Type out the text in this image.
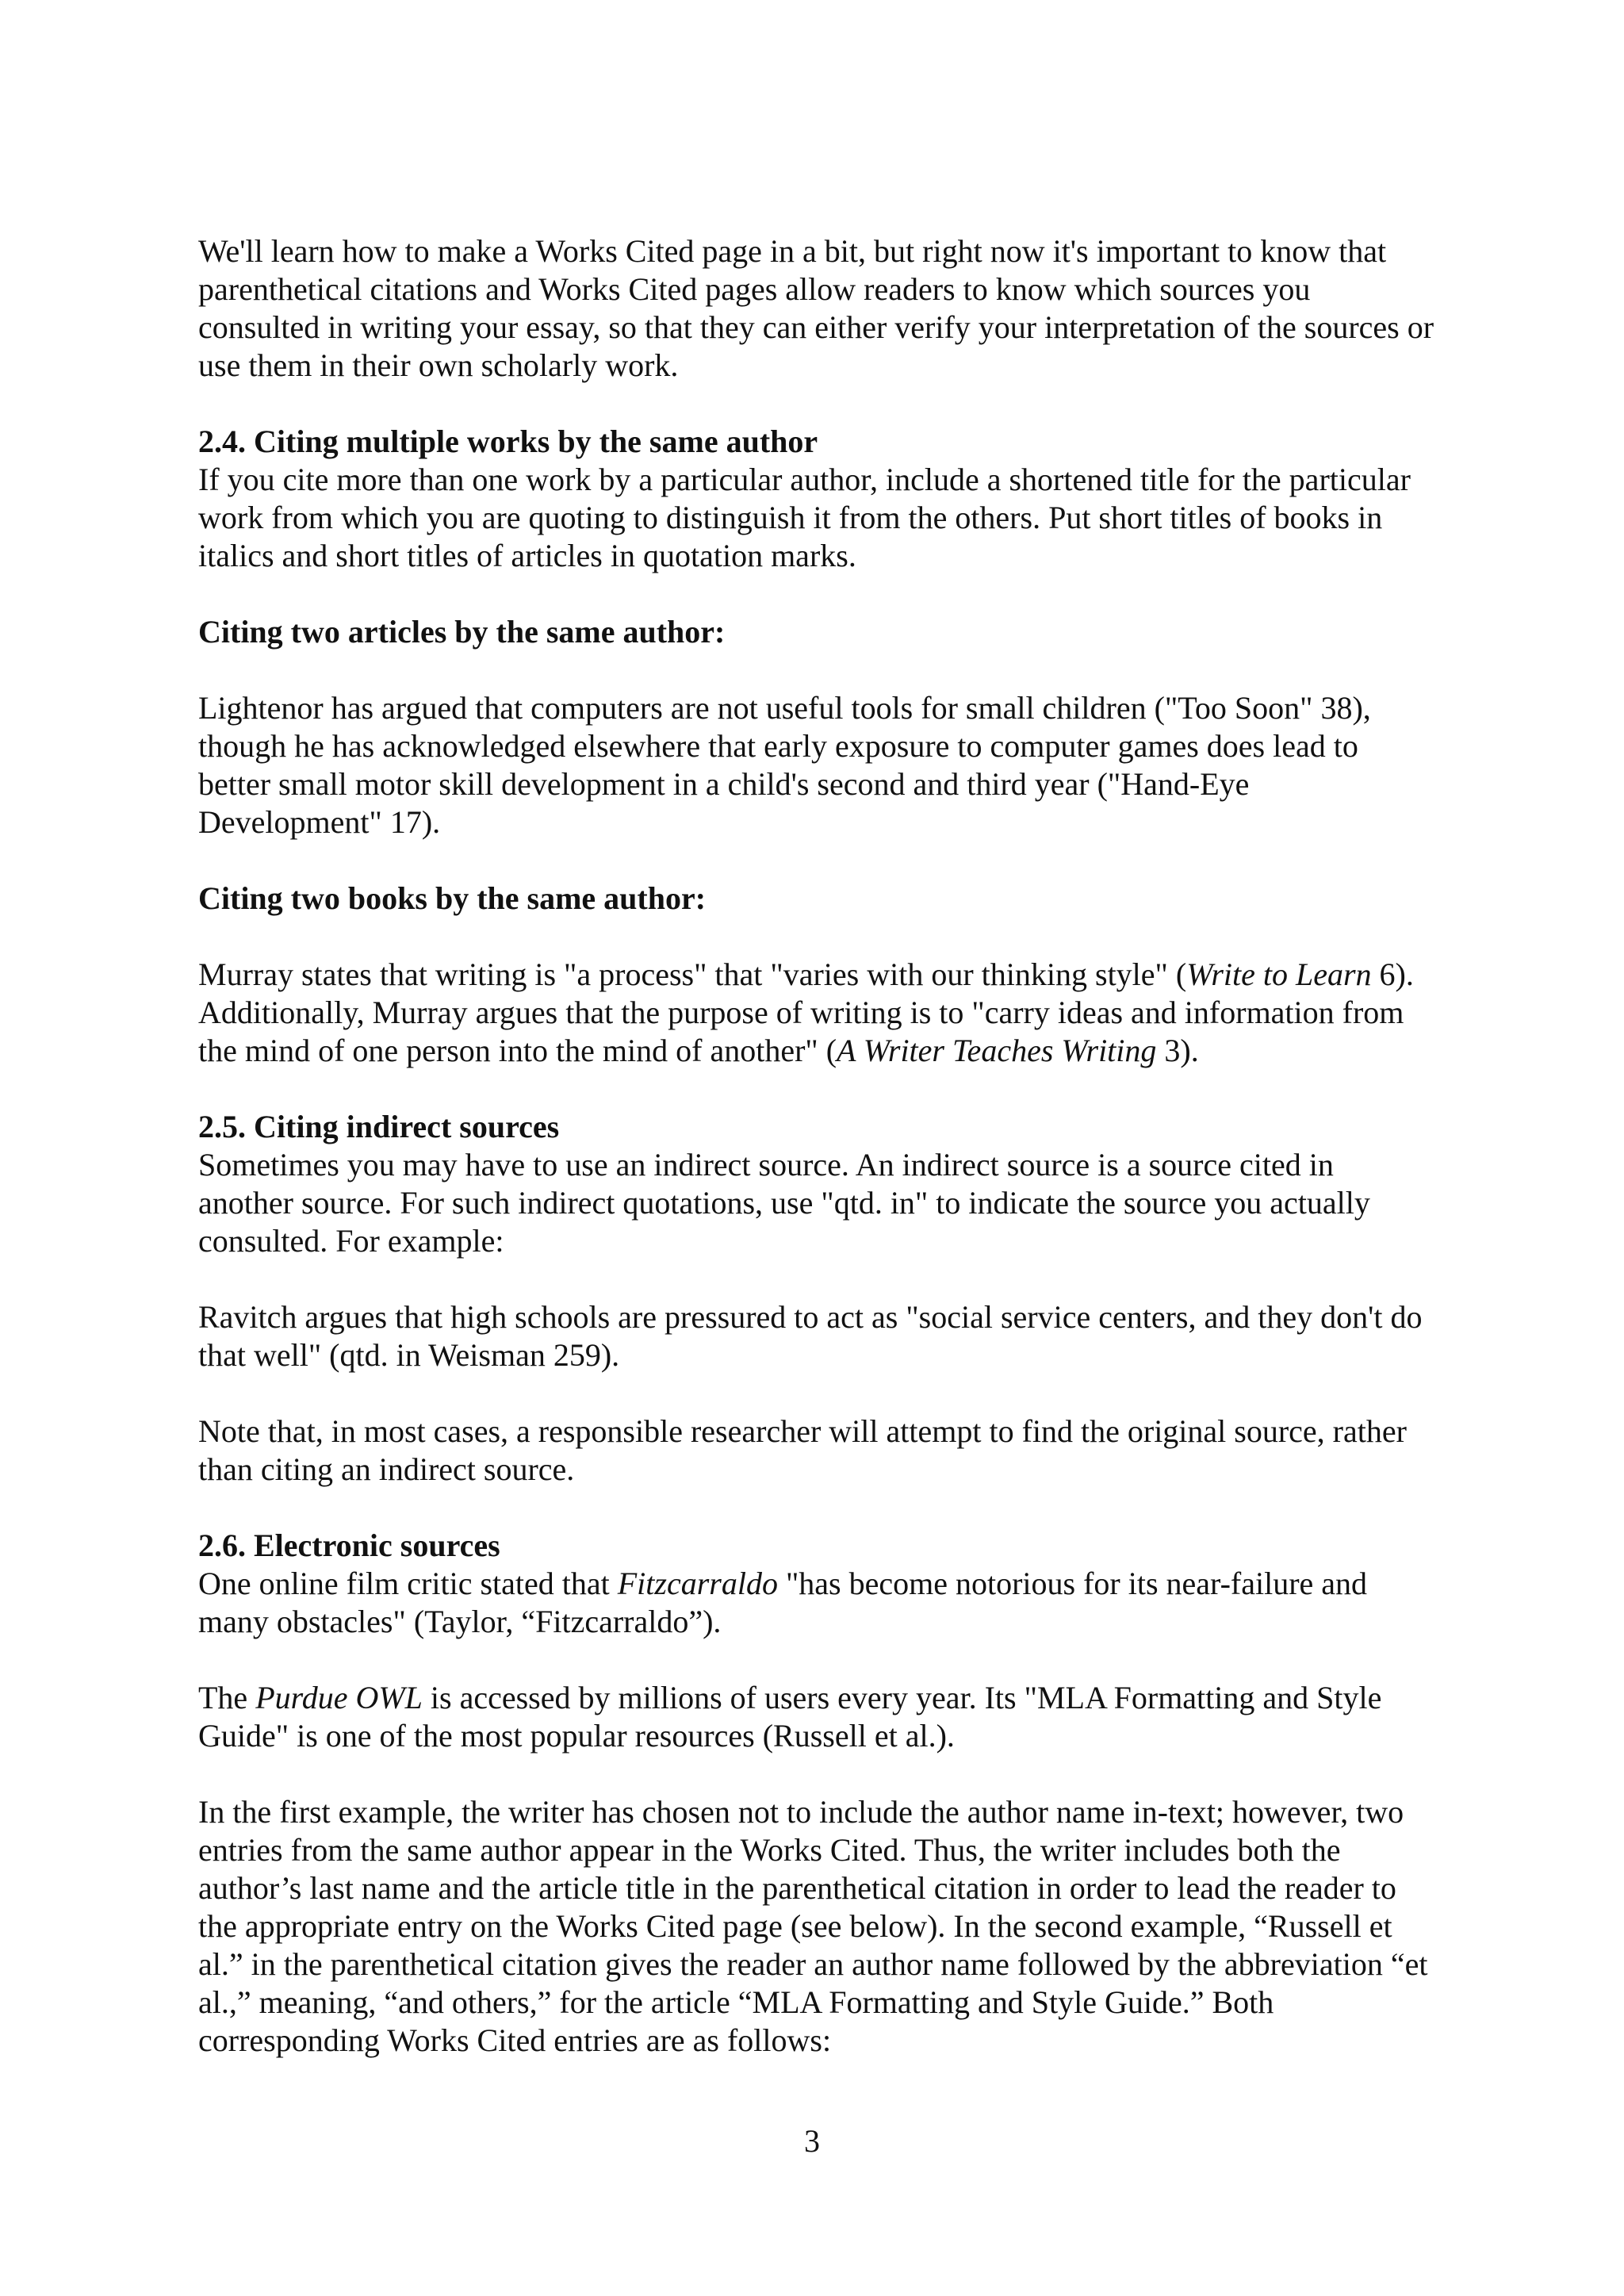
We'll learn how to make a Works Cited page in a bit, but right now it's important to know that parenthetical citations and Works Cited pages allow readers to know which sources you consulted in writing your essay, so that they can either verify your interpretation of the sources or use them in their own scholarly work.

2.4. Citing multiple works by the same author

If you cite more than one work by a particular author, include a shortened title for the particular work from which you are quoting to distinguish it from the others. Put short titles of books in italics and short titles of articles in quotation marks.

Citing two articles by the same author:

Lightenor has argued that computers are not useful tools for small children ("Too Soon" 38), though he has acknowledged elsewhere that early exposure to computer games does lead to better small motor skill development in a child's second and third year ("Hand-Eye Development" 17).

Citing two books by the same author:

Murray states that writing is "a process" that "varies with our thinking style" (Write to Learn 6). Additionally, Murray argues that the purpose of writing is to "carry ideas and information from the mind of one person into the mind of another" (A Writer Teaches Writing 3).

2.5. Citing indirect sources

Sometimes you may have to use an indirect source. An indirect source is a source cited in another source. For such indirect quotations, use "qtd. in" to indicate the source you actually consulted. For example:

Ravitch argues that high schools are pressured to act as "social service centers, and they don't do that well" (qtd. in Weisman 259).

Note that, in most cases, a responsible researcher will attempt to find the original source, rather than citing an indirect source.

2.6. Electronic sources

One online film critic stated that Fitzcarraldo "has become notorious for its near-failure and many obstacles" (Taylor, “Fitzcarraldo”).

The Purdue OWL is accessed by millions of users every year. Its "MLA Formatting and Style Guide" is one of the most popular resources (Russell et al.).

In the first example, the writer has chosen not to include the author name in-text; however, two entries from the same author appear in the Works Cited. Thus, the writer includes both the author’s last name and the article title in the parenthetical citation in order to lead the reader to the appropriate entry on the Works Cited page (see below). In the second example, “Russell et al.” in the parenthetical citation gives the reader an author name followed by the abbreviation “et al.,” meaning, “and others,” for the article “MLA Formatting and Style Guide.” Both corresponding Works Cited entries are as follows:

3
